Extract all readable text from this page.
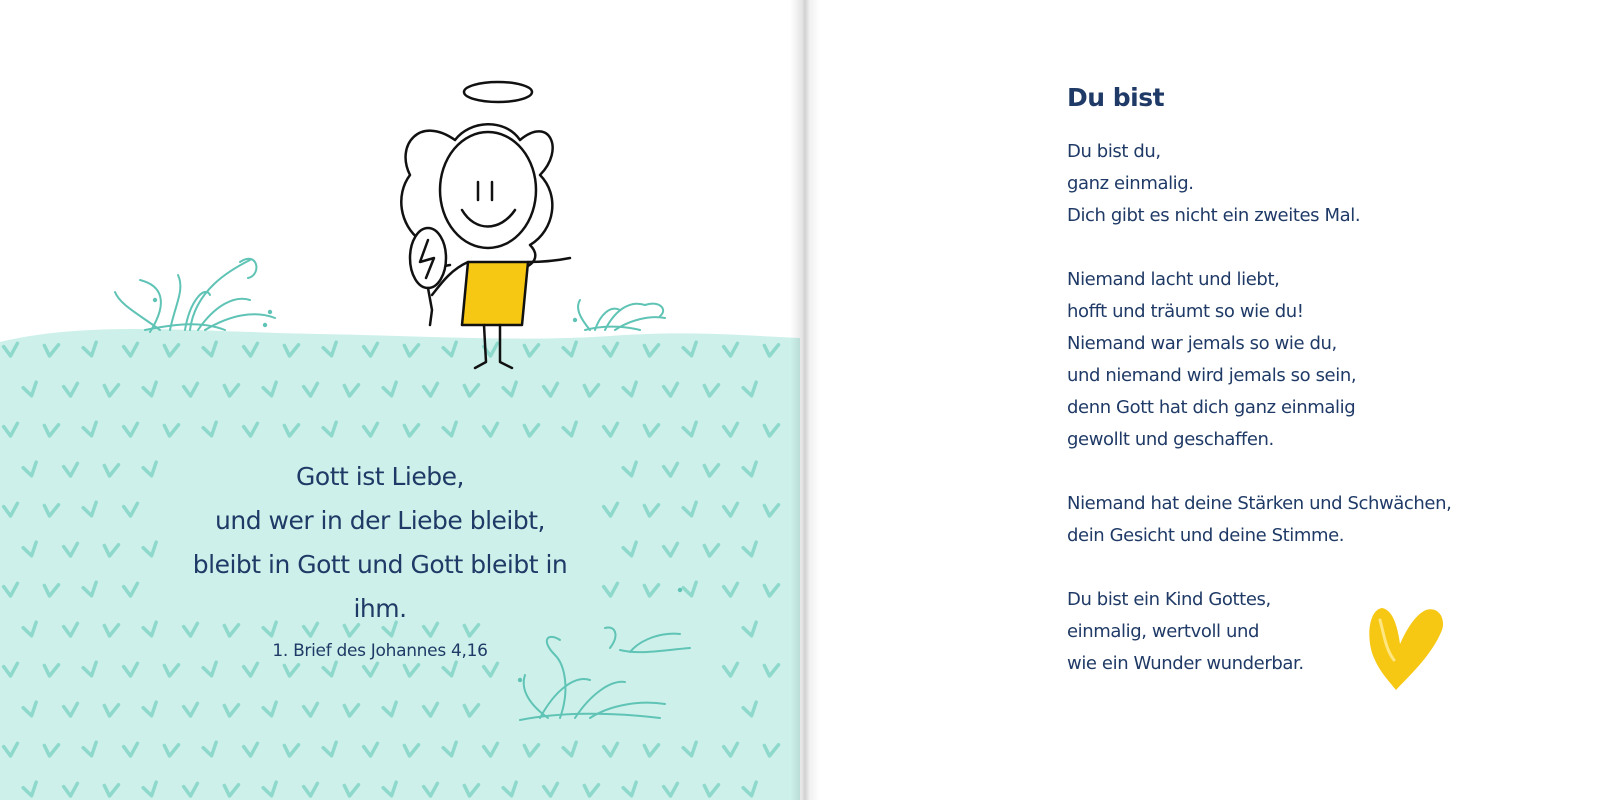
Gott ist Liebe,
und wer in der Liebe bleibt,
bleibt in Gott und Gott bleibt in ihm.
1. Brief des Johannes 4,16
Du bist
Du bist du,
ganz einmalig.
Dich gibt es nicht ein zweites Mal.
Niemand lacht und liebt,
hofft und träumt so wie du!
Niemand war jemals so wie du,
und niemand wird jemals so sein,
denn Gott hat dich ganz einmalig
gewollt und geschaffen.
Niemand hat deine Stärken und Schwächen,
dein Gesicht und deine Stimme.
Du bist ein Kind Gottes,
einmalig, wertvoll und
wie ein Wunder wunderbar.
